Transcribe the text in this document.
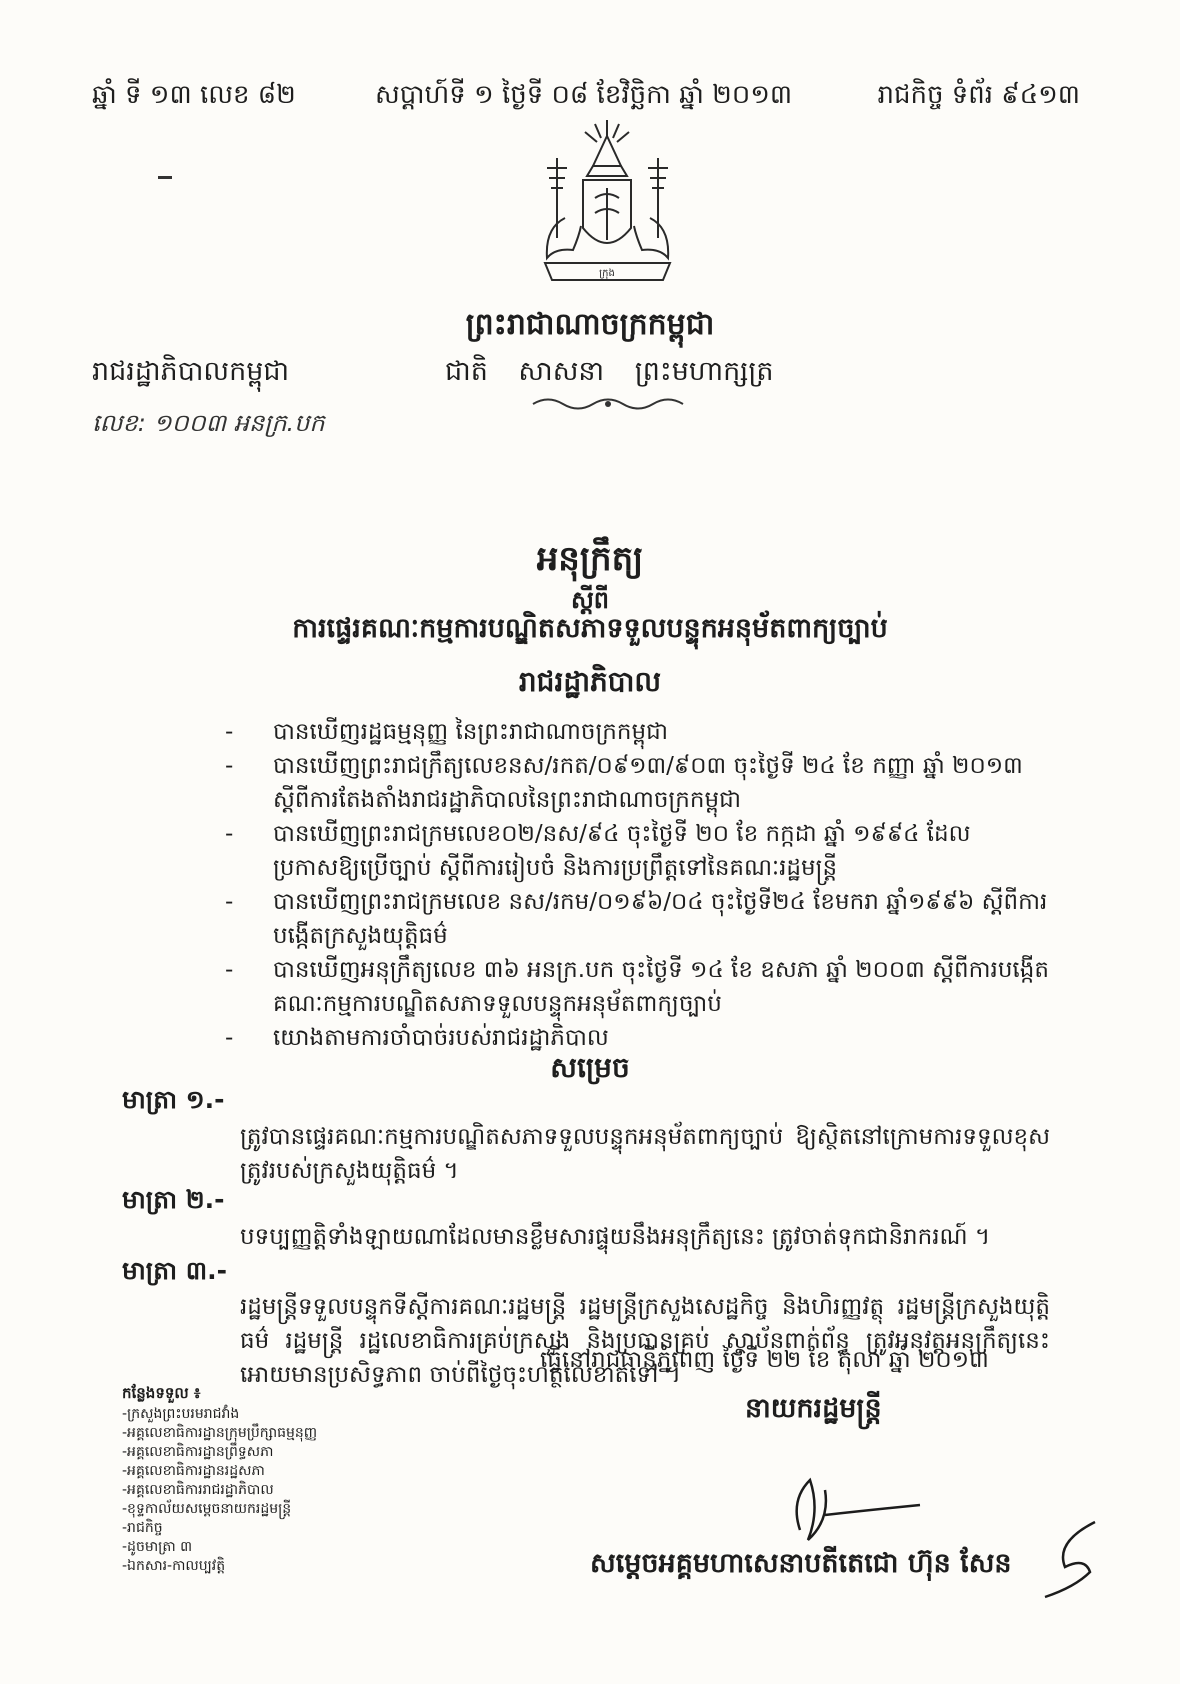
ឆ្នាំ ទី ១៣ លេខ ៨២	សប្តាហ៍ទី ១ ថ្ងៃទី ០៨ ខែវិច្ឆិកា ឆ្នាំ ២០១៣	រាជកិច្ច ទំព័រ ៩៤១៣
ក្រុង
ព្រះរាជាណាចក្រកម្ពុជា
រាជរដ្ឋាភិបាលកម្ពុជា	ជាតិ សាសនា ព្រះមហាក្សត្រ
លេខ: ១០០៣ អនក្រ.បក
អនុក្រឹត្យ
ស្តីពី
ការផ្ទេរគណៈកម្មការបណ្ឌិតសភាទទួលបន្ទុកអនុម័តពាក្យច្បាប់
រាជរដ្ឋាភិបាល
- បានឃើញរដ្ឋធម្មនុញ្ញ នៃព្រះរាជាណាចក្រកម្ពុជា
- បានឃើញព្រះរាជក្រឹត្យលេខនស/រកត/០៩១៣/៩០៣ ចុះថ្ងៃទី ២៤ ខែ កញ្ញា ឆ្នាំ ២០១៣ ស្តីពីការតែងតាំងរាជរដ្ឋាភិបាលនៃព្រះរាជាណាចក្រកម្ពុជា
- បានឃើញព្រះរាជក្រមលេខ០២/នស/៩៤ ចុះថ្ងៃទី ២០ ខែ កក្កដា ឆ្នាំ ១៩៩៤ ដែលប្រកាសឱ្យប្រើច្បាប់ ស្តីពីការរៀបចំ និងការប្រព្រឹត្តទៅនៃគណៈរដ្ឋមន្ត្រី
- បានឃើញព្រះរាជក្រមលេខ នស/រកម/០១៩៦/០៤ ចុះថ្ងៃទី២៤ ខែមករា ឆ្នាំ១៩៩៦ ស្តីពីការបង្កើតក្រសួងយុត្តិធម៌
- បានឃើញអនុក្រឹត្យលេខ ៣៦ អនក្រ.បក ចុះថ្ងៃទី ១៤ ខែ ឧសភា ឆ្នាំ ២០០៣ ស្តីពីការបង្កើតគណៈកម្មការបណ្ឌិតសភាទទួលបន្ទុកអនុម័តពាក្យច្បាប់
- យោងតាមការចាំបាច់របស់រាជរដ្ឋាភិបាល
សម្រេច
មាត្រា ១.-
ត្រូវបានផ្ទេរគណៈកម្មការបណ្ឌិតសភាទទួលបន្ទុកអនុម័តពាក្យច្បាប់ ឱ្យស្ថិតនៅក្រោមការទទួលខុសត្រូវរបស់ក្រសួងយុត្តិធម៌ ។
មាត្រា ២.-
បទប្បញ្ញត្តិទាំងឡាយណាដែលមានខ្លឹមសារផ្ទុយនឹងអនុក្រឹត្យនេះ ត្រូវចាត់ទុកជានិរាករណ៍ ។
មាត្រា ៣.-
រដ្ឋមន្ត្រីទទួលបន្ទុកទីស្តីការគណៈរដ្ឋមន្ត្រី រដ្ឋមន្ត្រីក្រសួងសេដ្ឋកិច្ច និងហិរញ្ញវត្ថុ រដ្ឋមន្ត្រីក្រសួងយុត្តិធម៌ រដ្ឋមន្ត្រី រដ្ឋលេខាធិការគ្រប់ក្រសួង និងប្រធានគ្រប់ ស្ថាប័នពាក់ព័ន្ធ ត្រូវអនុវត្តអនុក្រឹត្យនេះ អោយមានប្រសិទ្ធភាព ចាប់ពីថ្ងៃចុះហត្ថលេខាតទៅ ។
ធ្វើនៅរាជធានីភ្នំពេញ ថ្ងៃទី ២២ ខែ តុលា ឆ្នាំ ២០១៣
នាយករដ្ឋមន្ត្រី
កន្លែងទទួល ៖
-ក្រសួងព្រះបរមរាជវាំង
-អគ្គលេខាធិការដ្ឋានក្រុមប្រឹក្សាធម្មនុញ្ញ
-អគ្គលេខាធិការដ្ឋានព្រឹទ្ធសភា
-អគ្គលេខាធិការដ្ឋានរដ្ឋសភា
-អគ្គលេខាធិការរាជរដ្ឋាភិបាល
-ខុទ្ទកាល័យសម្តេចនាយករដ្ឋមន្ត្រី
-រាជកិច្ច
-ដូចមាត្រា ៣
-ឯកសារ-កាលប្បវត្តិ	សម្តេចអគ្គមហាសេនាបតីតេជោ ហ៊ុន សែន
